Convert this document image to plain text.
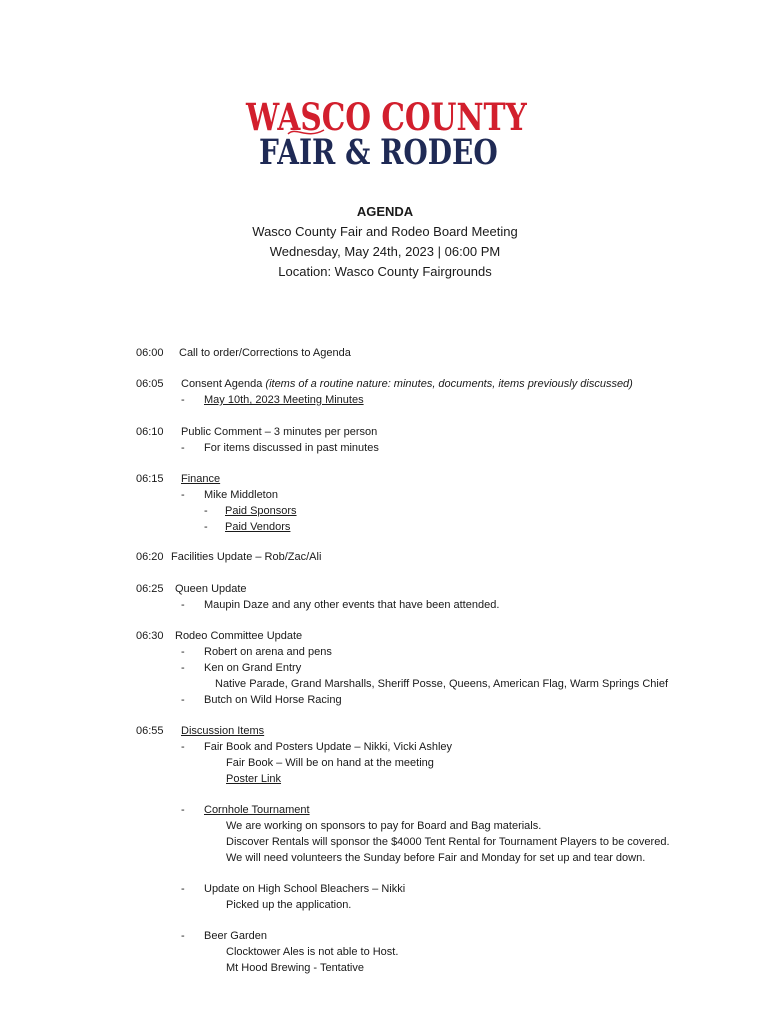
WASCO COUNTY
FAIR & RODEO
AGENDA
Wasco County Fair and Rodeo Board Meeting
Wednesday, May 24th, 2023 | 06:00 PM
Location: Wasco County Fairgrounds
06:00 Call to order/Corrections to Agenda
06:05 Consent Agenda (items of a routine nature: minutes, documents, items previously discussed)
- May 10th, 2023 Meeting Minutes
06:10 Public Comment – 3 minutes per person
- For items discussed in past minutes
06:15 Finance
- Mike Middleton
- Paid Sponsors
- Paid Vendors
06:20 Facilities Update – Rob/Zac/Ali
06:25 Queen Update
- Maupin Daze and any other events that have been attended.
06:30 Rodeo Committee Update
- Robert on arena and pens
- Ken on Grand Entry
Native Parade, Grand Marshalls, Sheriff Posse, Queens, American Flag, Warm Springs Chief
- Butch on Wild Horse Racing
06:55 Discussion Items
- Fair Book and Posters Update – Nikki, Vicki Ashley
Fair Book – Will be on hand at the meeting
Poster Link
- Cornhole Tournament
We are working on sponsors to pay for Board and Bag materials.
Discover Rentals will sponsor the $4000 Tent Rental for Tournament Players to be covered.
We will need volunteers the Sunday before Fair and Monday for set up and tear down.
- Update on High School Bleachers – Nikki
Picked up the application.
- Beer Garden
Clocktower Ales is not able to Host.
Mt Hood Brewing - Tentative
